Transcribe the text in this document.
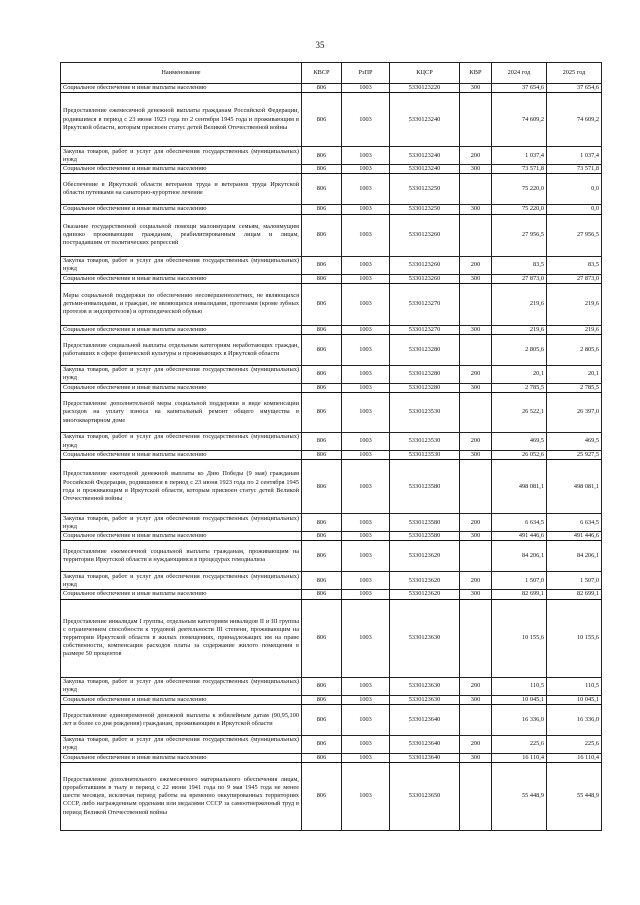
35
Наименование	КВСР	РзПР	КЦСР	КВР	2024 год	2025 год
Социальное обеспечение и иные выплаты населению	806	1003	5330123220	300	37 654,6	37 654,6
Предоставление ежемесячной денежной выплаты гражданам Российской Федерации, родившимся в период с 23 июня 1923 года по 2 сентября 1945 года и проживающим в Иркутской области, которым присвоен статус детей Великой Отечественной войны	806	1003	5330123240		74 609,2	74 609,2
Закупка товаров, работ и услуг для обеспечения государственных (муниципальных) нужд	806	1003	5330123240	200	1 037,4	1 037,4
Социальное обеспечение и иные выплаты населению	806	1003	5330123240	300	73 571,8	73 571,8
Обеспечение в Иркутской области ветеранов труда и ветеранов труда Иркутской области путевками на санаторно-курортное лечение	806	1003	5330123250		75 220,0	0,0
Социальное обеспечение и иные выплаты населению	806	1003	5330123250	300	75 220,0	0,0
Оказание государственной социальной помощи малоимущим семьям, малоимущим одиноко проживающим гражданам, реабилитированным лицам и лицам, пострадавшим от политических репрессий	806	1003	5330123260		27 956,5	27 956,5
Закупка товаров, работ и услуг для обеспечения государственных (муниципальных) нужд	806	1003	5330123260	200	83,5	83,5
Социальное обеспечение и иные выплаты населению	806	1003	5330123260	300	27 873,0	27 873,0
Меры социальной поддержки по обеспечению несовершеннолетних, не являющихся детьми-инвалидами, и граждан, не являющихся инвалидами, протезами (кроме зубных протезов и эндопротезов) и ортопедической обувью	806	1003	5330123270		219,6	219,6
Социальное обеспечение и иные выплаты населению	806	1003	5330123270	300	219,6	219,6
Предоставление социальной выплаты отдельным категориям неработающих граждан, работавших в сфере физической культуры и проживающих в Иркутской области	806	1003	5330123280		2 805,6	2 805,6
Закупка товаров, работ и услуг для обеспечения государственных (муниципальных) нужд	806	1003	5330123280	200	20,1	20,1
Социальное обеспечение и иные выплаты населению	806	1003	5330123280	300	2 785,5	2 785,5
Предоставление дополнительной меры социальной поддержки в виде компенсации расходов на уплату взноса на капитальный ремонт общего имущества в многоквартирном доме	806	1003	5330123530		26 522,1	26 397,0
Закупка товаров, работ и услуг для обеспечения государственных (муниципальных) нужд	806	1003	5330123530	200	469,5	469,5
Социальное обеспечение и иные выплаты населению	806	1003	5330123530	300	26 052,6	25 927,5
Предоставление ежегодной денежной выплаты ко Дню Победы (9 мая) гражданам Российской Федерации, родившимся в период с 23 июня 1923 года по 2 сентября 1945 года и проживающим в Иркутской области, которым присвоен статус детей Великой Отечественной войны	806	1003	5330123580		498 081,1	498 081,1
Закупка товаров, работ и услуг для обеспечения государственных (муниципальных) нужд	806	1003	5330123580	200	6 634,5	6 634,5
Социальное обеспечение и иные выплаты населению	806	1003	5330123580	300	491 446,6	491 446,6
Предоставление ежемесячной социальной выплаты гражданам, проживающим на территории Иркутской области и нуждающимся в процедурах гемодиализа	806	1003	5330123620		84 206,1	84 206,1
Закупка товаров, работ и услуг для обеспечения государственных (муниципальных) нужд	806	1003	5330123620	200	1 507,0	1 507,0
Социальное обеспечение и иные выплаты населению	806	1003	5330123620	300	82 699,1	82 699,1
Предоставление инвалидам I группы, отдельным категориям инвалидов II и III группы с ограничением способности к трудовой деятельности III степени, проживающим на территории Иркутской области в жилых помещениях, принадлежащих им на праве собственности, компенсации расходов платы за содержание жилого помещения в размере 50 процентов	806	1003	5330123630		10 155,6	10 155,6
Закупка товаров, работ и услуг для обеспечения государственных (муниципальных) нужд	806	1003	5330123630	200	110,5	110,5
Социальное обеспечение и иные выплаты населению	806	1003	5330123630	300	10 045,1	10 045,1
Предоставление единовременной денежной выплаты к юбилейным датам (90,95,100 лет и более со дня рождения) гражданам, проживающим в Иркутской области	806	1003	5330123640		16 336,0	16 336,0
Закупка товаров, работ и услуг для обеспечения государственных (муниципальных) нужд	806	1003	5330123640	200	225,6	225,6
Социальное обеспечение и иные выплаты населению	806	1003	5330123640	300	16 110,4	16 110,4
Предоставление дополнительного ежемесячного материального обеспечения лицам, проработавшим в тылу в период с 22 июня 1941 года по 9 мая 1945 года не менее шести месяцев, исключая период работы на временно оккупированных территориях СССР, либо награжденным орденами или медалями СССР за самоотверженный труд в период Великой Отечественной войны	806	1003	5330123650		55 448,9	55 448,9
